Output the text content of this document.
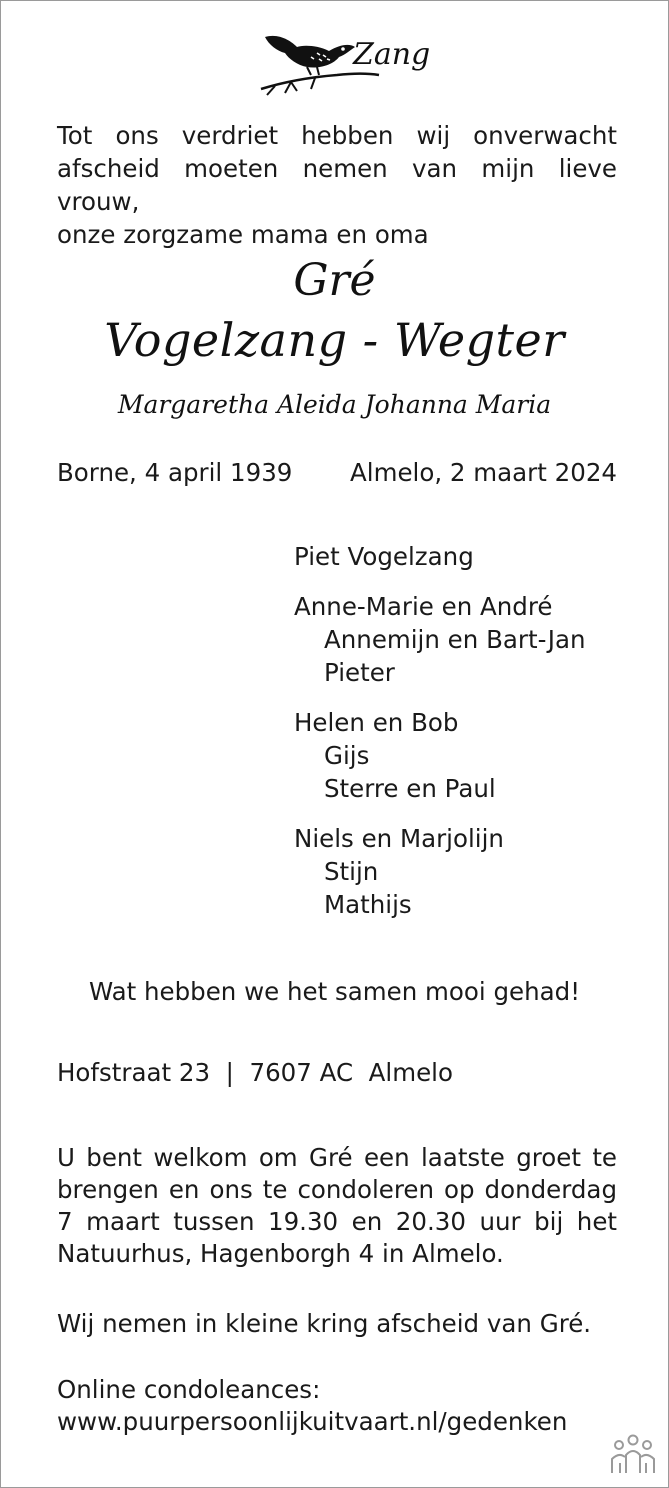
Zang
Tot ons verdriet hebben wij onverwacht
afscheid moeten nemen van mijn lieve vrouw,
onze zorgzame mama en oma
Gré
Vogelzang - Wegter
Margaretha Aleida Johanna Maria
Borne, 4 april 1939 Almelo, 2 maart 2024
Piet Vogelzang
Anne-Marie en André
Annemijn en Bart-Jan
Pieter
Helen en Bob
Gijs
Sterre en Paul
Niels en Marjolijn
Stijn
Mathijs
Wat hebben we het samen mooi gehad!
Hofstraat 23  |  7607 AC  Almelo
U bent welkom om Gré een laatste groet te
brengen en ons te condoleren op donderdag
7 maart tussen 19.30 en 20.30 uur bij het
Natuurhus, Hagenborgh 4 in Almelo.
Wij nemen in kleine kring afscheid van Gré.
Online condoleances:
www.puurpersoonlijkuitvaart.nl/gedenken
